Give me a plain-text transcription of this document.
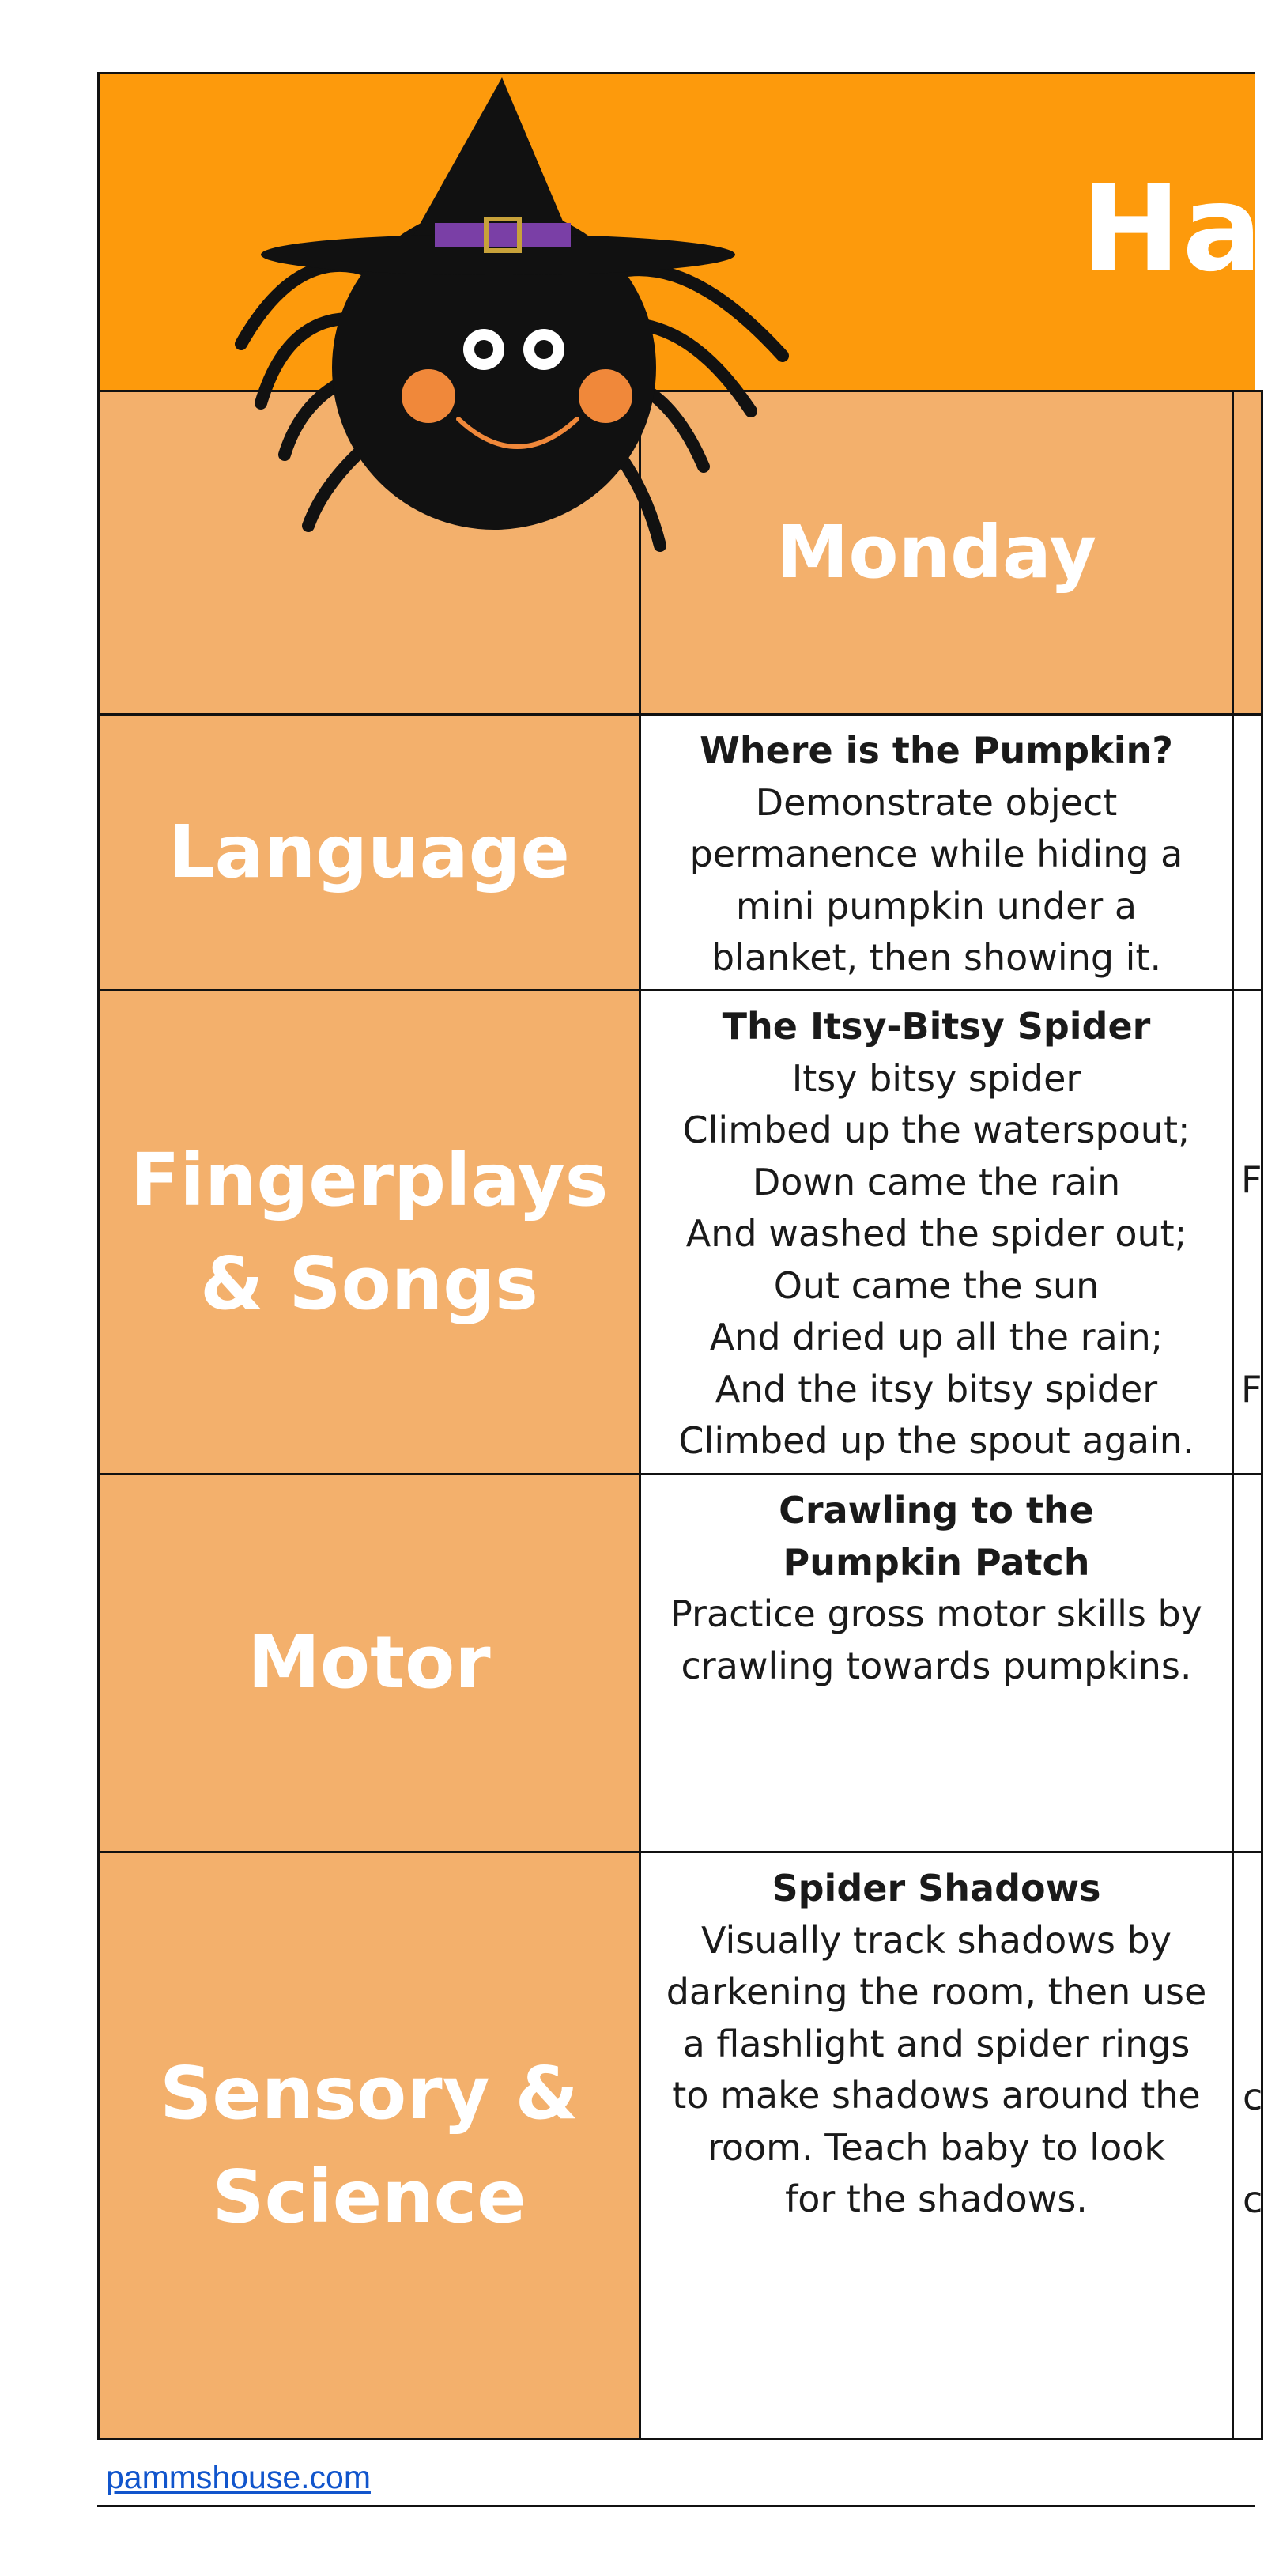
Ha
Monday
Language
Where is the Pumpkin?
Demonstrate object
permanence while hiding a
mini pumpkin under a
blanket, then showing it.
Fingerplays & Songs
The Itsy-Bitsy Spider
Itsy bitsy spider
Climbed up the waterspout;
Down came the rain
And washed the spider out;
Out came the sun
And dried up all the rain;
And the itsy bitsy spider
Climbed up the spout again.
F
F
Motor
Crawling to the Pumpkin Patch
Practice gross motor skills by
crawling towards pumpkins.
Sensory & Science
Spider Shadows
Visually track shadows by
darkening the room, then use
a flashlight and spider rings
to make shadows around the
room. Teach baby to look
for the shadows.
c
c
pammshouse.com
